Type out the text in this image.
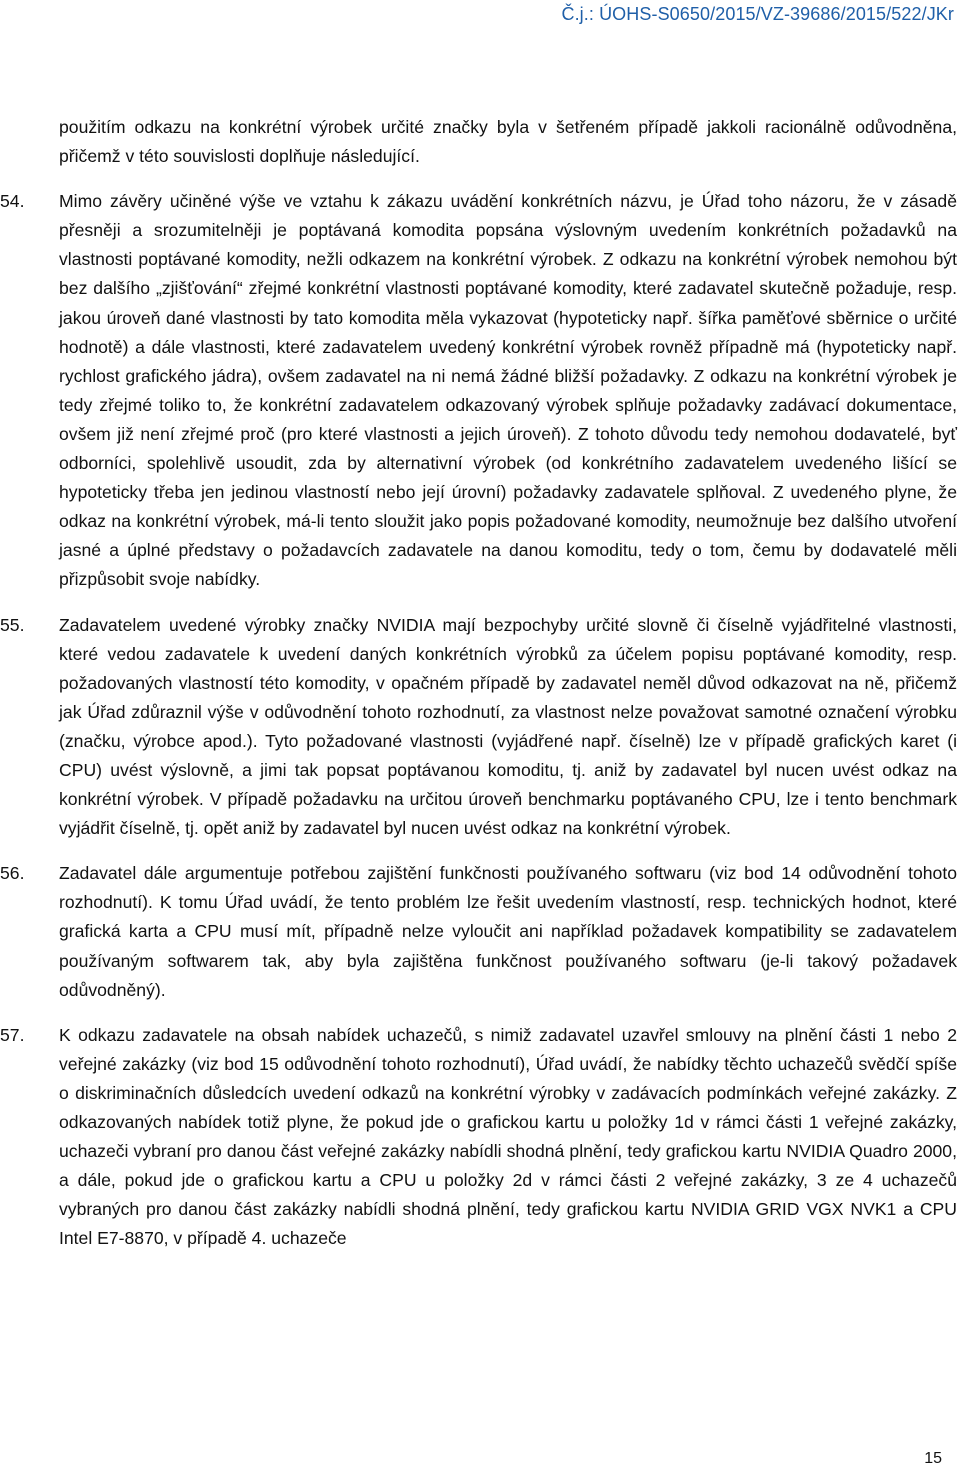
Č.j.: ÚOHS-S0650/2015/VZ-39686/2015/522/JKr

použitím odkazu na konkrétní výrobek určité značky byla v šetřeném případě jakkoli racionálně odůvodněna, přičemž v této souvislosti doplňuje následující.

54.	Mimo závěry učiněné výše ve vztahu k zákazu uvádění konkrétních názvu, je Úřad toho názoru, že v zásadě přesněji a srozumitelněji je poptávaná komodita popsána výslovným uvedením konkrétních požadavků na vlastnosti poptávané komodity, nežli odkazem na konkrétní výrobek. Z odkazu na konkrétní výrobek nemohou být bez dalšího „zjišťování“ zřejmé konkrétní vlastnosti poptávané komodity, které zadavatel skutečně požaduje, resp. jakou úroveň dané vlastnosti by tato komodita měla vykazovat (hypoteticky např. šířka paměťové sběrnice o určité hodnotě) a dále vlastnosti, které zadavatelem uvedený konkrétní výrobek rovněž případně má (hypoteticky např. rychlost grafického jádra), ovšem zadavatel na ni nemá žádné bližší požadavky. Z odkazu na konkrétní výrobek je tedy zřejmé toliko to, že konkrétní zadavatelem odkazovaný výrobek splňuje požadavky zadávací dokumentace, ovšem již není zřejmé proč (pro které vlastnosti a jejich úroveň). Z tohoto důvodu tedy nemohou dodavatelé, byť odborníci, spolehlivě usoudit, zda by alternativní výrobek (od konkrétního zadavatelem uvedeného lišící se hypoteticky třeba jen jedinou vlastností nebo její úrovní) požadavky zadavatele splňoval. Z uvedeného plyne, že odkaz na konkrétní výrobek, má-li tento sloužit jako popis požadované komodity, neumožnuje bez dalšího utvoření jasné a úplné představy o požadavcích zadavatele na danou komoditu, tedy o tom, čemu by dodavatelé měli přizpůsobit svoje nabídky.

55.	Zadavatelem uvedené výrobky značky NVIDIA mají bezpochyby určité slovně či číselně vyjádřitelné vlastnosti, které vedou zadavatele k uvedení daných konkrétních výrobků za účelem popisu poptávané komodity, resp. požadovaných vlastností této komodity, v opačném případě by zadavatel neměl důvod odkazovat na ně, přičemž jak Úřad zdůraznil výše v odůvodnění tohoto rozhodnutí, za vlastnost nelze považovat samotné označení výrobku (značku, výrobce apod.). Tyto požadované vlastnosti (vyjádřené např. číselně) lze v případě grafických karet (i CPU) uvést výslovně, a jimi tak popsat poptávanou komoditu, tj. aniž by zadavatel byl nucen uvést odkaz na konkrétní výrobek. V případě požadavku na určitou úroveň benchmarku poptávaného CPU, lze i tento benchmark vyjádřit číselně, tj. opět aniž by zadavatel byl nucen uvést odkaz na konkrétní výrobek.

56.	Zadavatel dále argumentuje potřebou zajištění funkčnosti používaného softwaru (viz bod 14 odůvodnění tohoto rozhodnutí). K tomu Úřad uvádí, že tento problém lze řešit uvedením vlastností, resp. technických hodnot, které grafická karta a CPU musí mít, případně nelze vyloučit ani například požadavek kompatibility se zadavatelem používaným softwarem tak, aby byla zajištěna funkčnost používaného softwaru (je-li takový požadavek odůvodněný).

57.	K odkazu zadavatele na obsah nabídek uchazečů, s nimiž zadavatel uzavřel smlouvy na plnění části 1 nebo 2 veřejné zakázky (viz bod 15 odůvodnění tohoto rozhodnutí), Úřad uvádí, že nabídky těchto uchazečů svědčí spíše o diskriminačních důsledcích uvedení odkazů na konkrétní výrobky v zadávacích podmínkách veřejné zakázky. Z odkazovaných nabídek totiž plyne, že pokud jde o grafickou kartu u položky 1d v rámci části 1 veřejné zakázky, uchazeči vybraní pro danou část veřejné zakázky nabídli shodná plnění, tedy grafickou kartu NVIDIA Quadro 2000, a dále, pokud jde o grafickou kartu a CPU u položky 2d v rámci části 2 veřejné zakázky, 3 ze 4 uchazečů vybraných pro danou část zakázky nabídli shodná plnění, tedy grafickou kartu NVIDIA GRID VGX NVK1 a CPU Intel E7-8870, v případě 4. uchazeče

15
